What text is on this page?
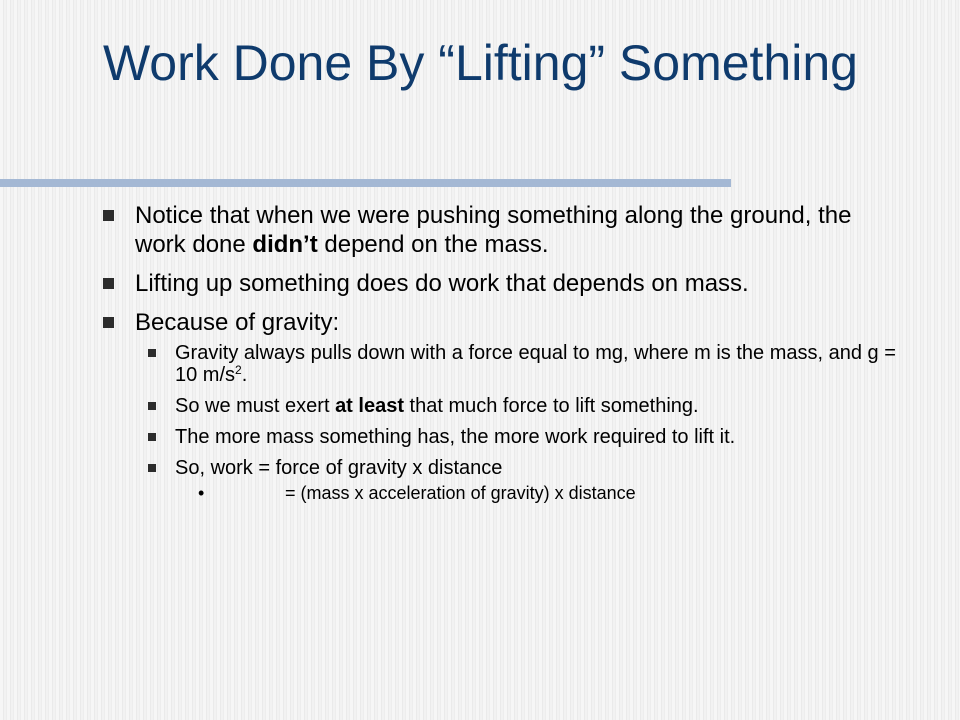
Work Done By “Lifting” Something
Notice that when we were pushing something along the ground, the work done didn’t depend on the mass.
Lifting up something does do work that depends on mass.
Because of gravity:
Gravity always pulls down with a force equal to mg, where m is the mass, and g = 10 $m/s^2$.
So we must exert at least that much force to lift something.
The more mass something has, the more work required to lift it.
So, work = force of gravity x distance
•	= (mass x acceleration of gravity) x distance
